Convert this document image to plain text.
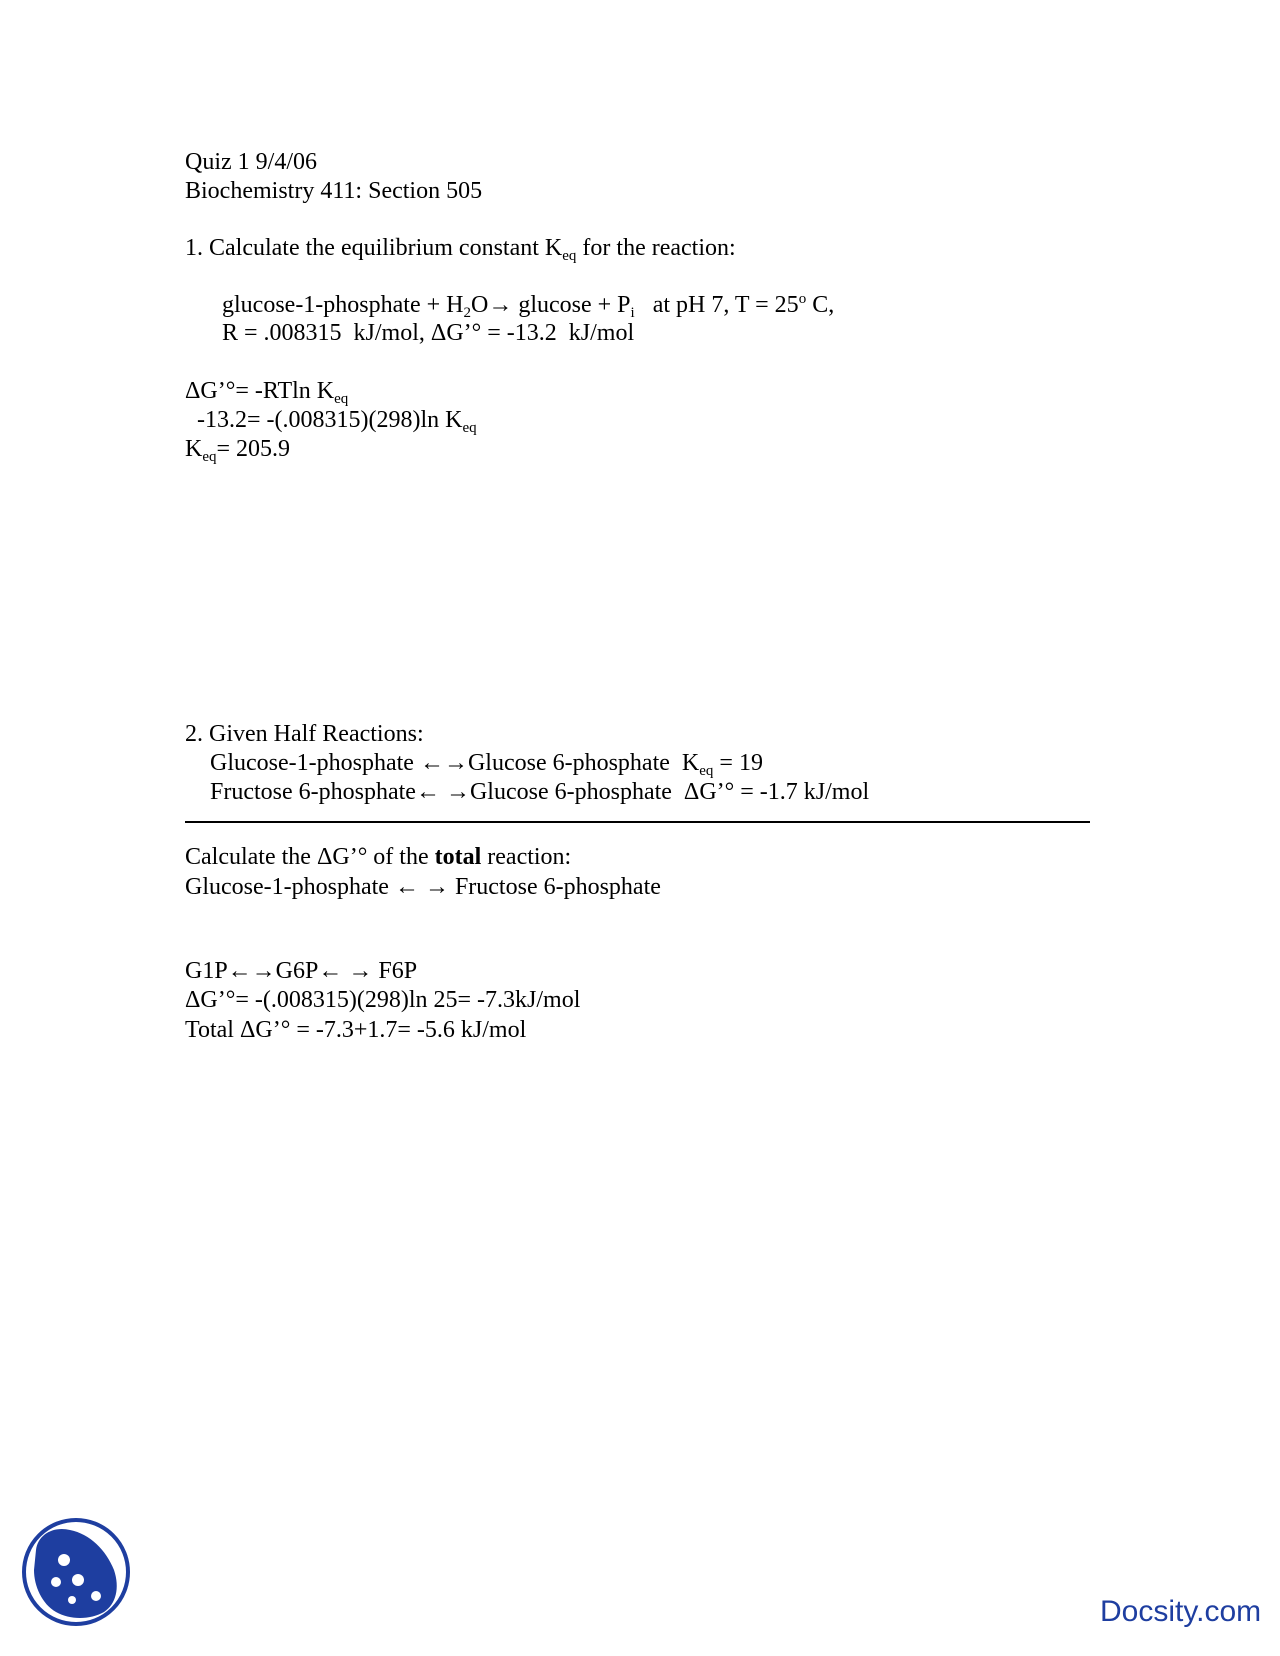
Quiz 1 9/4/06
Biochemistry 411: Section 505
1. Calculate the equilibrium constant $K_{eq}$ for the reaction:
glucose-1-phosphate + $H_2O\to glucose + P_i$   at pH 7, $T = 25^o$ C,
R = .008315  kJ/mol, ΔG’° = -13.2  kJ/mol
ΔG’°= -RTln $K_{eq}$
-13.2= -(.008315)(298)ln $K_{eq}$
$K_{eq}= 205.9$
2. Given Half Reactions:
Glucose-1-phosphate ←→Glucose 6-phosphate  $K_{eq} = 19$
Fructose 6-phosphate← →Glucose 6-phosphate  ΔG’° = -1.7 kJ/mol
Calculate the ΔG’° of the total reaction:
Glucose-1-phosphate ← → Fructose 6-phosphate
G1P←→G6P← → F6P
ΔG’°= -(.008315)(298)ln 25= -7.3kJ/mol
Total ΔG’° = -7.3+1.7= -5.6 kJ/mol
Docsity.com
